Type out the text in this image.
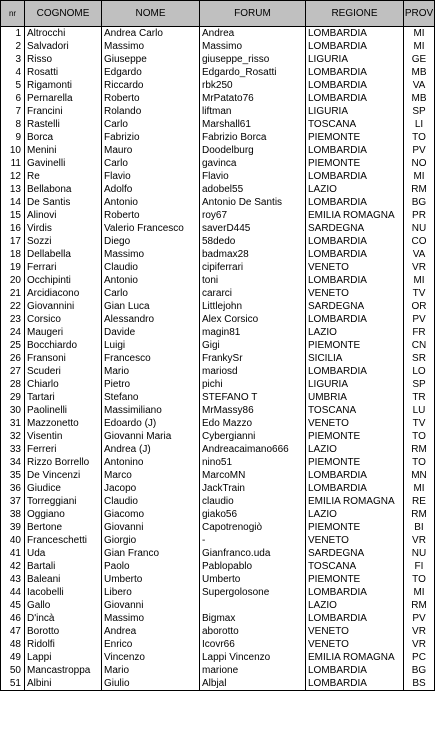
nr	COGNOME	NOME	FORUM	REGIONE	PROV
1	Altrocchi	Andrea Carlo	Andrea	LOMBARDIA	MI
2	Salvadori	Massimo	Massimo	LOMBARDIA	MI
3	Risso	Giuseppe	giuseppe_risso	LIGURIA	GE
4	Rosatti	Edgardo	Edgardo_Rosatti	LOMBARDIA	MB
5	Rigamonti	Riccardo	rbk250	LOMBARDIA	VA
6	Pernarella	Roberto	MrPatato76	LOMBARDIA	MB
7	Francini	Rolando	liftman	LIGURIA	SP
8	Rastelli	Carlo	Marshall61	TOSCANA	LI
9	Borca	Fabrizio	Fabrizio Borca	PIEMONTE	TO
10	Menini	Mauro	Doodelburg	LOMBARDIA	PV
11	Gavinelli	Carlo	gavinca	PIEMONTE	NO
12	Re	Flavio	Flavio	LOMBARDIA	MI
13	Bellabona	Adolfo	adobel55	LAZIO	RM
14	De Santis	Antonio	Antonio De Santis	LOMBARDIA	BG
15	Alinovi	Roberto	roy67	EMILIA ROMAGNA	PR
16	Virdis	Valerio Francesco	saverD445	SARDEGNA	NU
17	Sozzi	Diego	58dedo	LOMBARDIA	CO
18	Dellabella	Massimo	badmax28	LOMBARDIA	VA
19	Ferrari	Claudio	cipiferrari	VENETO	VR
20	Occhipinti	Antonio	toni	LOMBARDIA	MI
21	Arcidiacono	Carlo	cararci	VENETO	TV
22	Giovannini	Gian Luca	Littlejohn	SARDEGNA	OR
23	Corsico	Alessandro	Alex Corsico	LOMBARDIA	PV
24	Maugeri	Davide	magin81	LAZIO	FR
25	Bocchiardo	Luigi	Gigi	PIEMONTE	CN
26	Fransoni	Francesco	FrankySr	SICILIA	SR
27	Scuderi	Mario	mariosd	LOMBARDIA	LO
28	Chiarlo	Pietro	pichi	LIGURIA	SP
29	Tartari	Stefano	STEFANO T	UMBRIA	TR
30	Paolinelli	Massimiliano	MrMassy86	TOSCANA	LU
31	Mazzonetto	Edoardo (J)	Edo Mazzo	VENETO	TV
32	Visentin	Giovanni Maria	Cybergianni	PIEMONTE	TO
33	Ferreri	Andrea (J)	Andreacaimano666	LAZIO	RM
34	Rizzo Borrello	Antonino	nino51	PIEMONTE	TO
35	De Vincenzi	Marco	MarcoMN	LOMBARDIA	MN
36	Giudice	Jacopo	JackTrain	LOMBARDIA	MI
37	Torreggiani	Claudio	claudio	EMILIA ROMAGNA	RE
38	Oggiano	Giacomo	giako56	LAZIO	RM
39	Bertone	Giovanni	Capotrenogiò	PIEMONTE	BI
40	Franceschetti	Giorgio	-	VENETO	VR
41	Uda	Gian Franco	Gianfranco.uda	SARDEGNA	NU
42	Bartali	Paolo	Pablopablo	TOSCANA	FI
43	Baleani	Umberto	Umberto	PIEMONTE	TO
44	Iacobelli	Libero	Supergolosone	LOMBARDIA	MI
45	Gallo	Giovanni		LAZIO	RM
46	D'incà	Massimo	Bigmax	LOMBARDIA	PV
47	Borotto	Andrea	aborotto	VENETO	VR
48	Ridolfi	Enrico	Icovr66	VENETO	VR
49	Lappi	Vincenzo	Lappi Vincenzo	EMILIA ROMAGNA	PC
50	Mancastroppa	Mario	marione	LOMBARDIA	BG
51	Albini	Giulio	Albjal	LOMBARDIA	BS
